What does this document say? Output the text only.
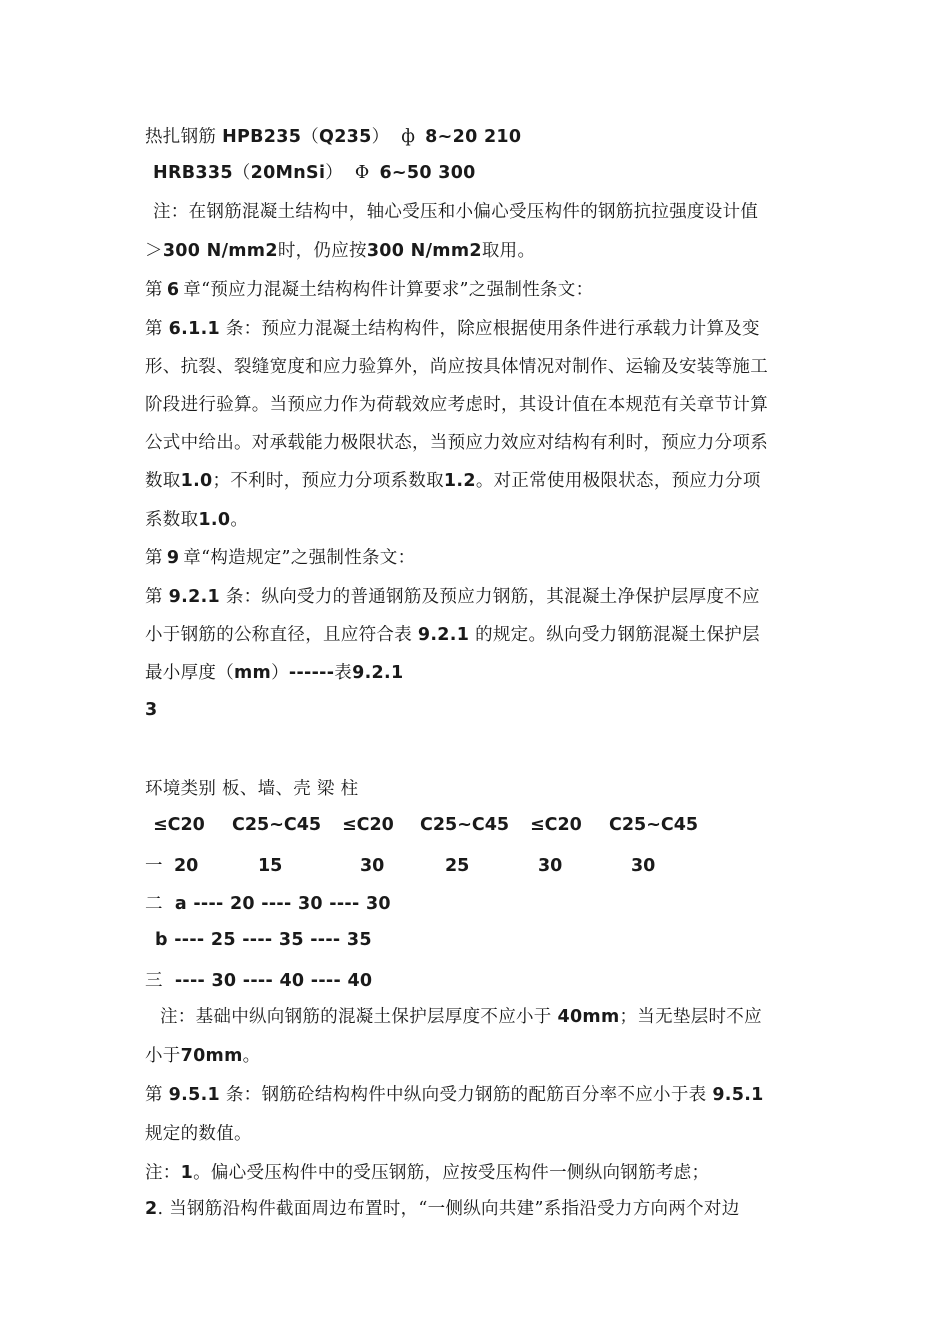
热扎钢筋 HPB235（Q235） ф 8~20 210
HRB335（20MnSi） Φ 6~50 300
注：在钢筋混凝土结构中，轴心受压和小偏心受压构件的钢筋抗拉强度设计值
＞300 N/mm2时，仍应按300 N/mm2取用。
第 6 章“预应力混凝土结构构件计算要求”之强制性条文：
第 6.1.1 条：预应力混凝土结构构件，除应根据使用条件进行承载力计算及变
形、抗裂、裂缝宽度和应力验算外，尚应按具体情况对制作、运输及安装等施工
阶段进行验算。当预应力作为荷载效应考虑时，其设计值在本规范有关章节计算
公式中给出。对承载能力极限状态，当预应力效应对结构有利时，预应力分项系
数取1.0；不利时，预应力分项系数取1.2。对正常使用极限状态，预应力分项
系数取1.0。
第 9 章“构造规定”之强制性条文：
第 9.2.1 条：纵向受力的普通钢筋及预应力钢筋，其混凝土净保护层厚度不应
小于钢筋的公称直径，且应符合表 9.2.1 的规定。纵向受力钢筋混凝土保护层
最小厚度（mm）------表9.2.1
3
环境类别 板、墙、壳 梁 柱
≤C20 C25~C45 ≤C20 C25~C45 ≤C20 C25~C45
一 20	15	30	25	30	30
二 a ---- 20 ---- 30 ---- 30
b ---- 25 ---- 35 ---- 35
三 ---- 30 ---- 40 ---- 40
注：基础中纵向钢筋的混凝土保护层厚度不应小于 40mm；当无垫层时不应
小于70mm。
第 9.5.1 条：钢筋砼结构构件中纵向受力钢筋的配筋百分率不应小于表 9.5.1
规定的数值。
注：1。偏心受压构件中的受压钢筋，应按受压构件一侧纵向钢筋考虑；
2. 当钢筋沿构件截面周边布置时，“一侧纵向共建”系指沿受力方向两个对边
